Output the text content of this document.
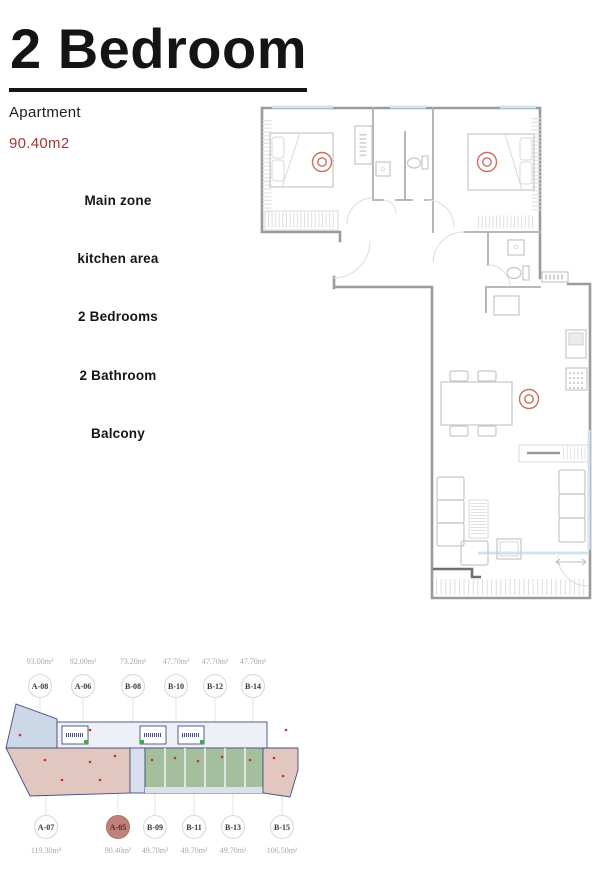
2 Bedroom
Apartment
90.40m2
Main zone
kitchen area
2 Bedrooms
2 Bathroom
Balcony
93.00m² 92.00m²	73.20m² 47.70m² 47.70m² 47.70m²
A-08	A-06	B-08	B-10	B-12	B-14
A-07	A-05	B-09	B-11	B-13	B-15
119.30m²	90.40m² 49.70m² 49.70m² 49.70m²	106.50m²
